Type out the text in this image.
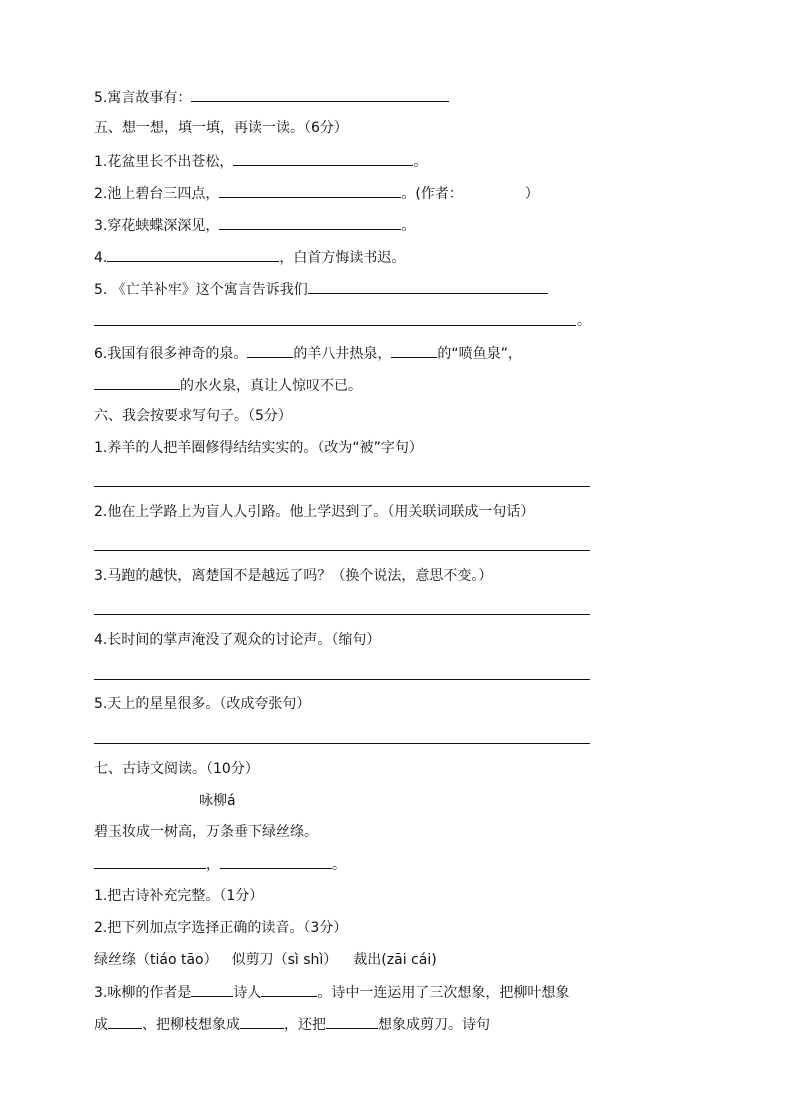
5.寓言故事有：
五、想一想，填一填，再读一读。（6分）
1.花盆里长不出苍松，	。
2.池上碧台三四点，	。(作者：	）
3.穿花蛱蝶深深见，	。
4.	，白首方悔读书迟。
5. 《亡羊补牢》这个寓言告诉我们
。
6.我国有很多神奇的泉。	的羊八井热泉，	的“喷鱼泉”，
的水火泉，真让人惊叹不已。
六、我会按要求写句子。（5分）
1.养羊的人把羊圈修得结结实实的。（改为“被”字句）
2.他在上学路上为盲人人引路。他上学迟到了。（用关联词联成一句话）
3.马跑的越快，离楚国不是越远了吗？（换个说法，意思不变。）
4.长时间的掌声淹没了观众的讨论声。（缩句）
5.天上的星星很多。（改成夸张句）
七、古诗文阅读。（10分）
咏柳á
碧玉妆成一树高，万条垂下绿丝绦。
，	。
1.把古诗补充完整。（1分）
2.把下列加点字选择正确的读音。（3分）
绿丝绦（tiáo tāo） 似剪刀（sì shì） 裁出(zāi cái)
3.咏柳的作者是	诗人	。诗中一连运用了三次想象，把柳叶想象
成 、把柳枝想象成	，还把	想象成剪刀。诗句
